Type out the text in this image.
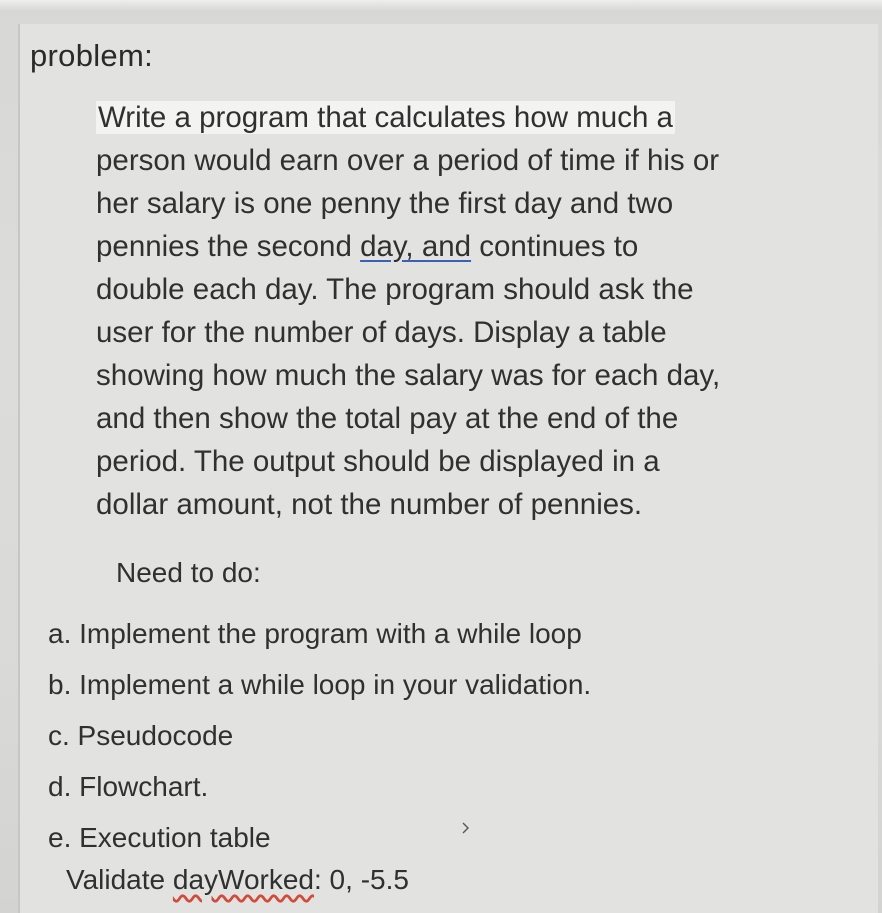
problem:
Write a program that calculates how much a
person would earn over a period of time if his or
her salary is one penny the first day and two
pennies the second day, and continues to
double each day. The program should ask the
user for the number of days. Display a table
showing how much the salary was for each day,
and then show the total pay at the end of the
period. The output should be displayed in a
dollar amount, not the number of pennies.
Need to do:
a. Implement the program with a while loop
b. Implement a while loop in your validation.
c. Pseudocode
d. Flowchart.
e. Execution table
Validate dayWorked: 0, -5.5
